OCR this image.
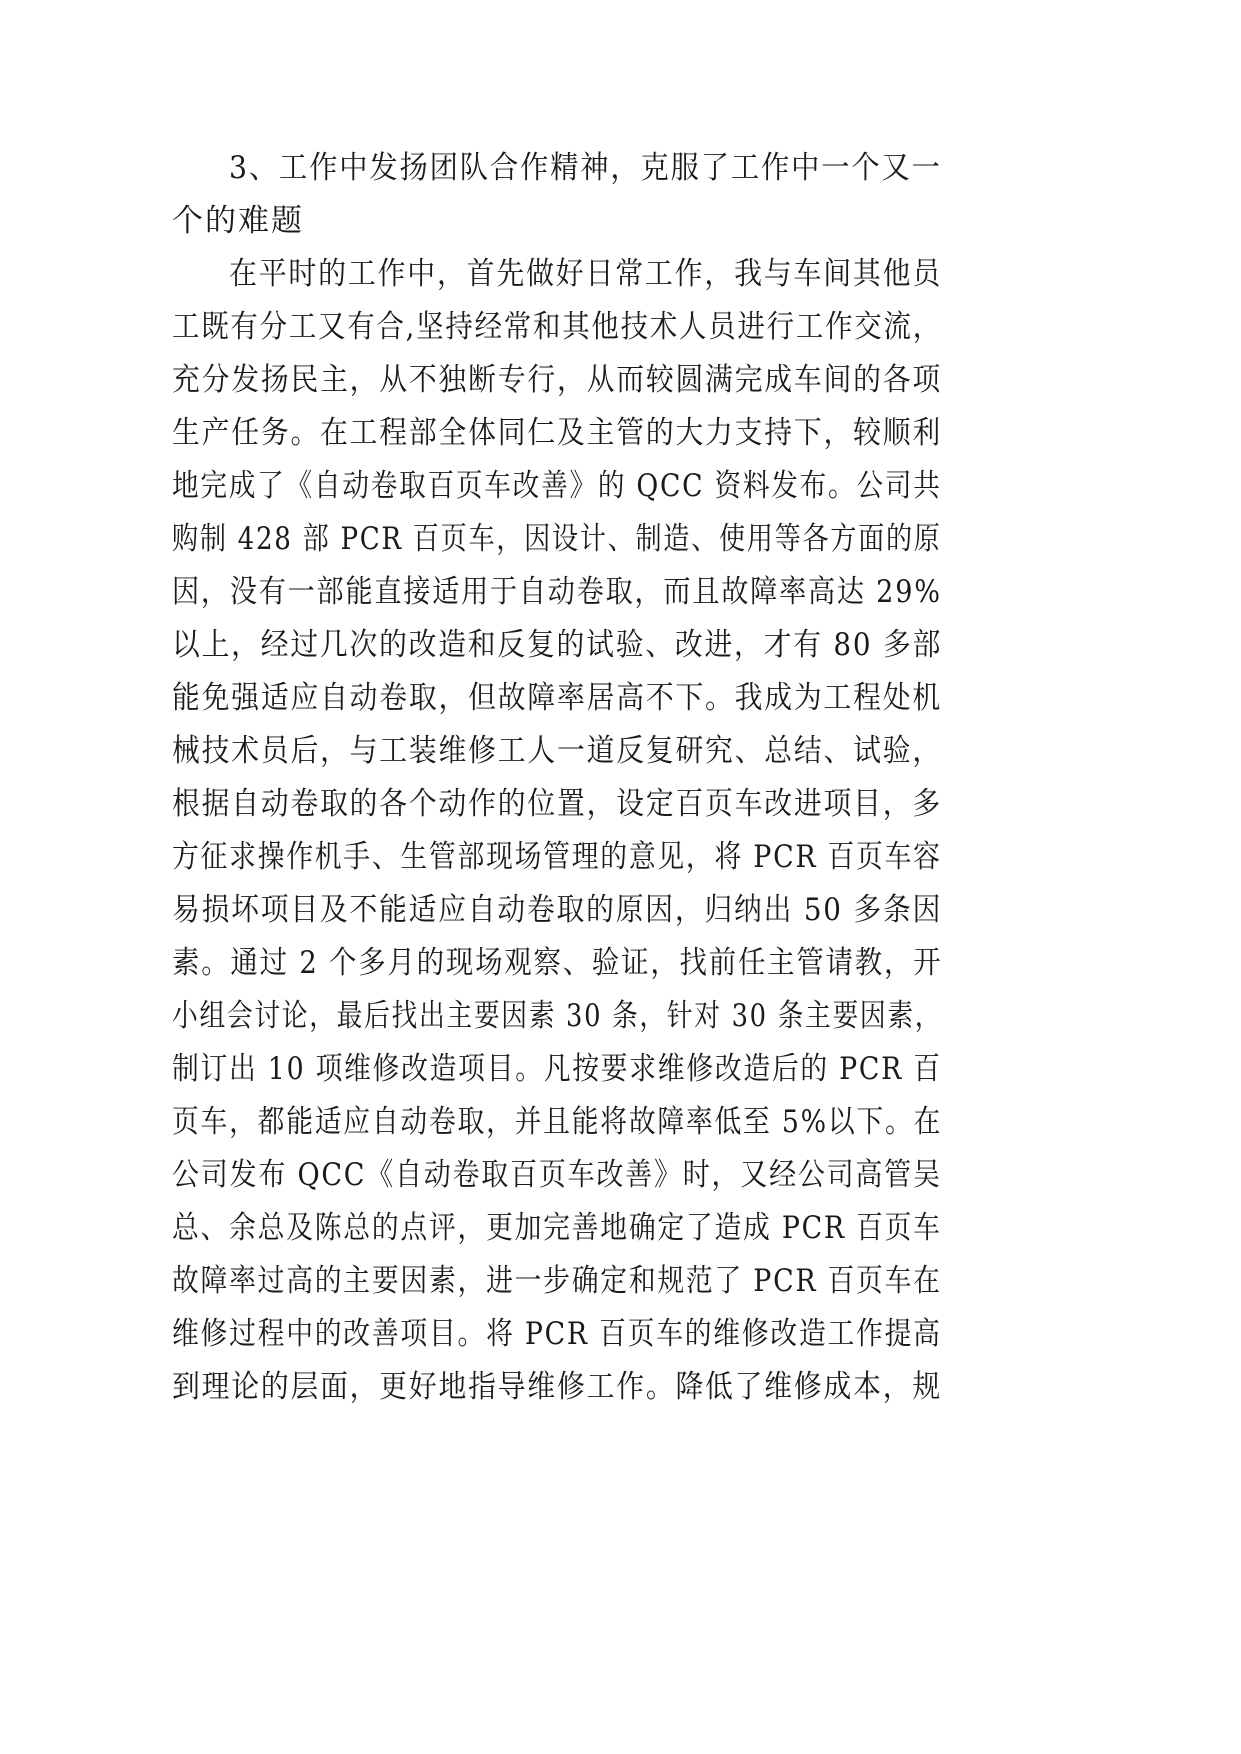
3、工作中发扬团队合作精神，克服了工作中一个又一

个的难题

在平时的工作中，首先做好日常工作，我与车间其他员

工既有分工又有合,坚持经常和其他技术人员进行工作交流，

充分发扬民主，从不独断专行，从而较圆满完成车间的各项

生产任务。在工程部全体同仁及主管的大力支持下，较顺利

地完成了《自动卷取百页车改善》的 QCC 资料发布。公司共

购制 428 部 PCR 百页车，因设计、制造、使用等各方面的原

因，没有一部能直接适用于自动卷取，而且故障率高达 29%

以上，经过几次的改造和反复的试验、改进，才有 80 多部

能免强适应自动卷取，但故障率居高不下。我成为工程处机

械技术员后，与工装维修工人一道反复研究、总结、试验，

根据自动卷取的各个动作的位置，设定百页车改进项目，多

方征求操作机手、生管部现场管理的意见，将 PCR 百页车容

易损坏项目及不能适应自动卷取的原因，归纳出 50 多条因

素。通过 2 个多月的现场观察、验证，找前任主管请教，开

小组会讨论，最后找出主要因素 30 条，针对 30 条主要因素，

制订出 10 项维修改造项目。凡按要求维修改造后的 PCR 百

页车，都能适应自动卷取，并且能将故障率低至 5%以下。在

公司发布 QCC《自动卷取百页车改善》时，又经公司高管吴

总、余总及陈总的点评，更加完善地确定了造成 PCR 百页车

故障率过高的主要因素，进一步确定和规范了 PCR 百页车在

维修过程中的改善项目。将 PCR 百页车的维修改造工作提高

到理论的层面，更好地指导维修工作。降低了维修成本，规
